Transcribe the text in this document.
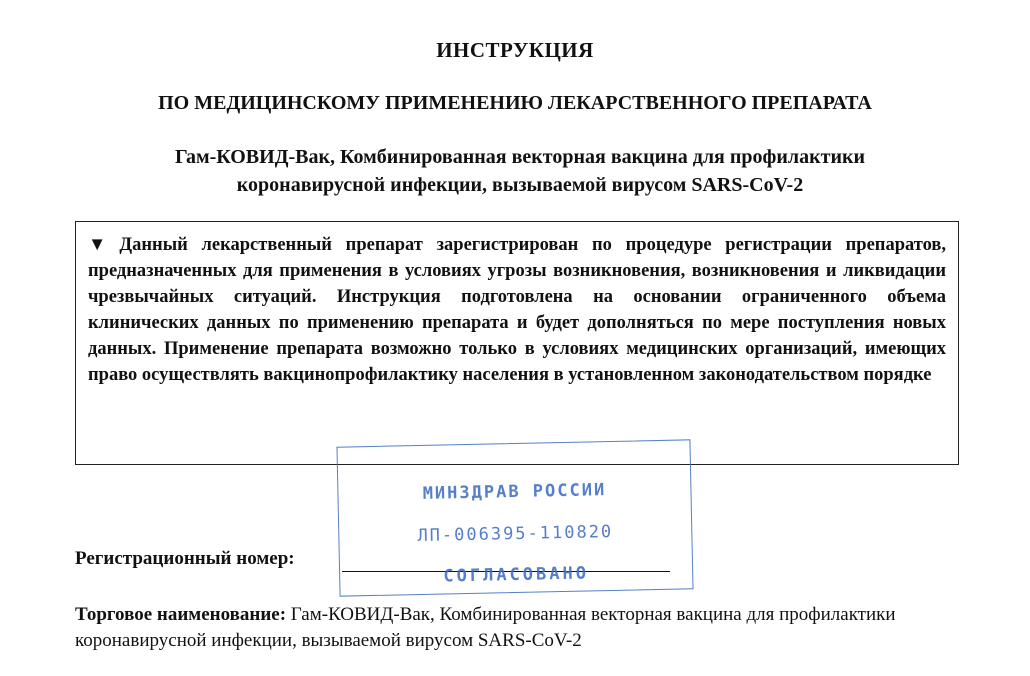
ИНСТРУКЦИЯ
ПО МЕДИЦИНСКОМУ ПРИМЕНЕНИЮ ЛЕКАРСТВЕННОГО ПРЕПАРАТА
Гам-КОВИД-Вак, Комбинированная векторная вакцина для профилактики коронавирусной инфекции, вызываемой вирусом SARS-CoV-2
▼ Данный лекарственный препарат зарегистрирован по процедуре регистрации препаратов, предназначенных для применения в условиях угрозы возникновения, возникновения и ликвидации чрезвычайных ситуаций. Инструкция подготовлена на основании ограниченного объема клинических данных по применению препарата и будет дополняться по мере поступления новых данных. Применение препарата возможно только в условиях медицинских организаций, имеющих право осуществлять вакцинопрофилактику населения в установленном законодательством порядке
Регистрационный номер:
МИНЗДРАВ РОССИИ
ЛП-006395-110820
СОГЛАСОВАНО
Торговое наименование: Гам-КОВИД-Вак, Комбинированная векторная вакцина для профилактики коронавирусной инфекции, вызываемой вирусом SARS-CoV-2
